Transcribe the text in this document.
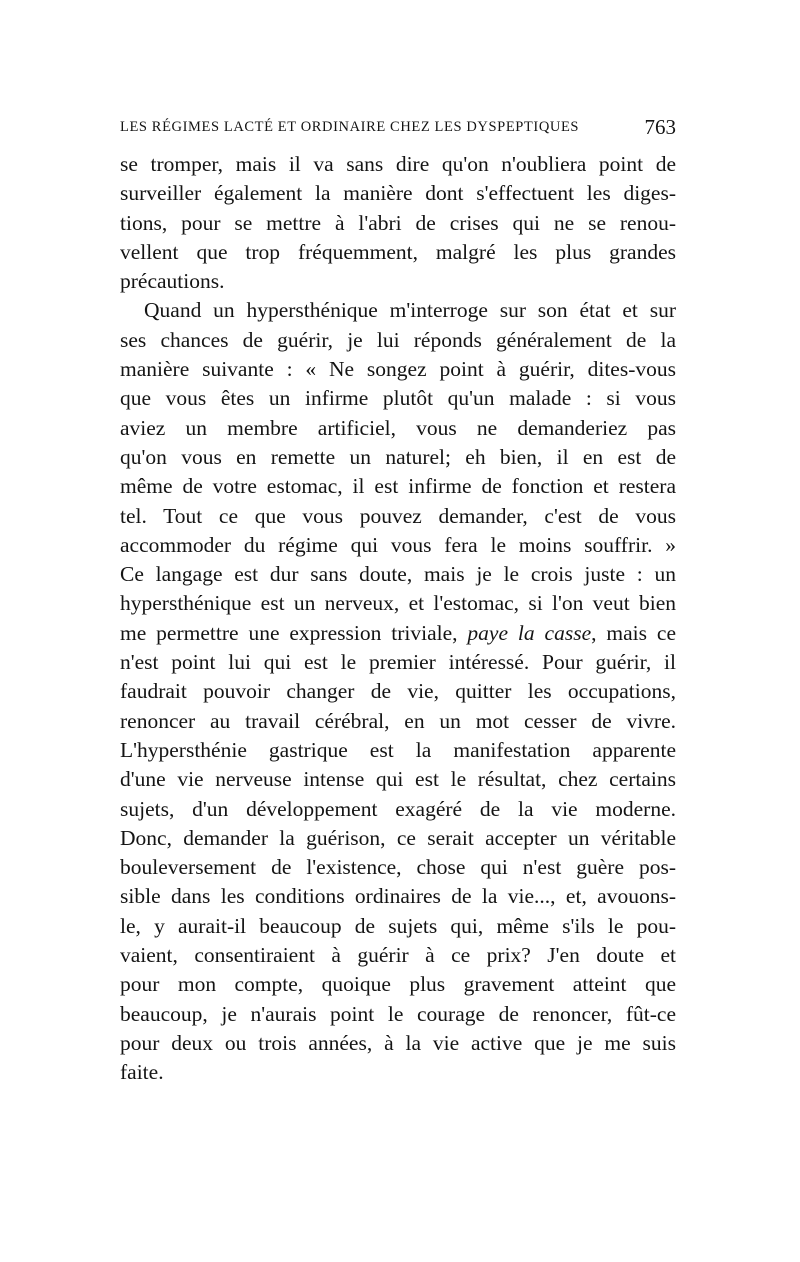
LES RÉGIMES LACTÉ ET ORDINAIRE CHEZ LES DYSPEPTIQUES	763
se tromper, mais il va sans dire qu'on n'oubliera point de
surveiller également la manière dont s'effectuent les diges-
tions, pour se mettre à l'abri de crises qui ne se renou-
vellent que trop fréquemment, malgré les plus grandes
précautions.
Quand un hypersthénique m'interroge sur son état et sur
ses chances de guérir, je lui réponds généralement de la
manière suivante : « Ne songez point à guérir, dites-vous
que vous êtes un infirme plutôt qu'un malade : si vous
aviez un membre artificiel, vous ne demanderiez pas
qu'on vous en remette un naturel; eh bien, il en est de
même de votre estomac, il est infirme de fonction et restera
tel. Tout ce que vous pouvez demander, c'est de vous
accommoder du régime qui vous fera le moins souffrir. »
Ce langage est dur sans doute, mais je le crois juste : un
hypersthénique est un nerveux, et l'estomac, si l'on veut bien
me permettre une expression triviale, paye la casse, mais ce
n'est point lui qui est le premier intéressé. Pour guérir, il
faudrait pouvoir changer de vie, quitter les occupations,
renoncer au travail cérébral, en un mot cesser de vivre.
L'hypersthénie gastrique est la manifestation apparente
d'une vie nerveuse intense qui est le résultat, chez certains
sujets, d'un développement exagéré de la vie moderne.
Donc, demander la guérison, ce serait accepter un véritable
bouleversement de l'existence, chose qui n'est guère pos-
sible dans les conditions ordinaires de la vie..., et, avouons-
le, y aurait-il beaucoup de sujets qui, même s'ils le pou-
vaient, consentiraient à guérir à ce prix? J'en doute et
pour mon compte, quoique plus gravement atteint que
beaucoup, je n'aurais point le courage de renoncer, fût-ce
pour deux ou trois années, à la vie active que je me suis
faite.
